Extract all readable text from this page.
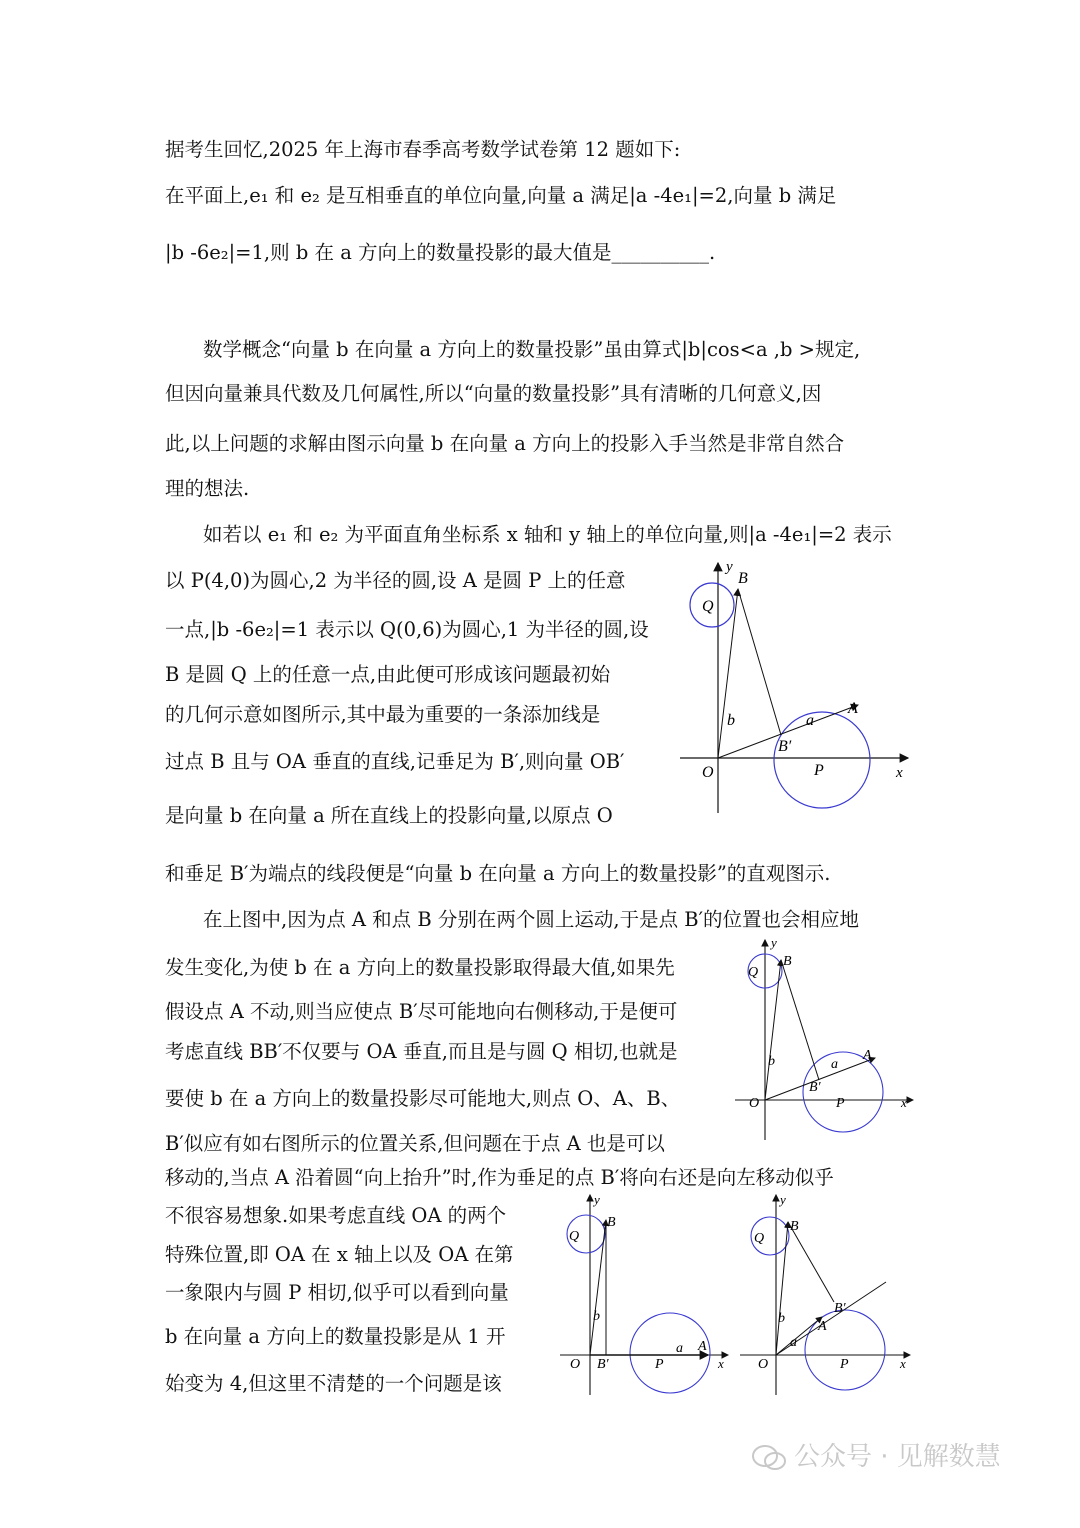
据考生回忆,2025 年上海市春季高考数学试卷第 12 题如下:
在平面上,e₁ 和 e₂ 是互相垂直的单位向量,向量 a 满足|a -4e₁|=2,向量 b 满足
|b -6e₂|=1,则 b 在 a 方向上的数量投影的最大值是__________.
数学概念“向量 b 在向量 a 方向上的数量投影”虽由算式|b|cos<a ,b >规定,
但因向量兼具代数及几何属性,所以“向量的数量投影”具有清晰的几何意义,因
此,以上问题的求解由图示向量 b 在向量 a 方向上的投影入手当然是非常自然合
理的想法.
如若以 e₁ 和 e₂ 为平面直角坐标系 x 轴和 y 轴上的单位向量,则|a -4e₁|=2 表示
以 P(4,0)为圆心,2 为半径的圆,设 A 是圆 P 上的任意
一点,|b -6e₂|=1 表示以 Q(0,6)为圆心,1 为半径的圆,设
B 是圆 Q 上的任意一点,由此便可形成该问题最初始
的几何示意如图所示,其中最为重要的一条添加线是
过点 B 且与 OA 垂直的直线,记垂足为 B′,则向量 OB′
是向量 b 在向量 a 所在直线上的投影向量,以原点 O
和垂足 B′为端点的线段便是“向量 b 在向量 a 方向上的数量投影”的直观图示.
在上图中,因为点 A 和点 B 分别在两个圆上运动,于是点 B′的位置也会相应地
发生变化,为使 b 在 a 方向上的数量投影取得最大值,如果先
假设点 A 不动,则当应使点 B′尽可能地向右侧移动,于是便可
考虑直线 BB′不仅要与 OA 垂直,而且是与圆 Q 相切,也就是
要使 b 在 a 方向上的数量投影尽可能地大,则点 O、A、B、
B′似应有如右图所示的位置关系,但问题在于点 A 也是可以
移动的,当点 A 沿着圆“向上抬升”时,作为垂足的点 B′将向右还是向左移动似乎
不很容易想象.如果考虑直线 OA 的两个
特殊位置,即 OA 在 x 轴上以及 OA 在第
一象限内与圆 P 相切,似乎可以看到向量
b 在向量 a 方向上的数量投影是从 1 开
始变为 4,但这里不清楚的一个问题是该
y
B
Q
b	a
A
B′
O	P	x
y
B
Q
b	a
A
B′
O	P	x
y
B
Q
b
a A
O B′	P	x
y
B
Q
b
B′
A
a
O	P	x
公众号 · 见解数慧
